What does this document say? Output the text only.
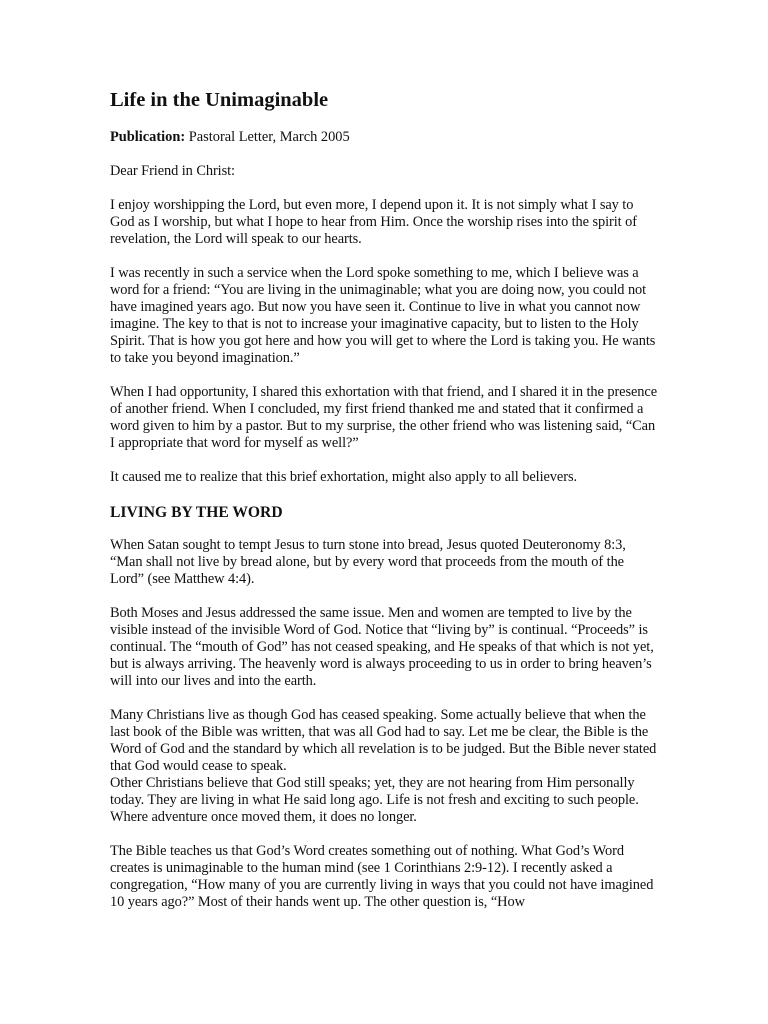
Life in the Unimaginable

Publication: Pastoral Letter, March 2005

Dear Friend in Christ:

I enjoy worshipping the Lord, but even more, I depend upon it. It is not simply what I say to God as I worship, but what I hope to hear from Him. Once the worship rises into the spirit of revelation, the Lord will speak to our hearts.

I was recently in such a service when the Lord spoke something to me, which I believe was a word for a friend: “You are living in the unimaginable; what you are doing now, you could not have imagined years ago. But now you have seen it. Continue to live in what you cannot now imagine. The key to that is not to increase your imaginative capacity, but to listen to the Holy Spirit. That is how you got here and how you will get to where the Lord is taking you. He wants to take you beyond imagination.”

When I had opportunity, I shared this exhortation with that friend, and I shared it in the presence of another friend. When I concluded, my first friend thanked me and stated that it confirmed a word given to him by a pastor. But to my surprise, the other friend who was listening said, “Can I appropriate that word for myself as well?”

It caused me to realize that this brief exhortation, might also apply to all believers.

LIVING BY THE WORD

When Satan sought to tempt Jesus to turn stone into bread, Jesus quoted Deuteronomy 8:3, “Man shall not live by bread alone, but by every word that proceeds from the mouth of the Lord” (see Matthew 4:4).

Both Moses and Jesus addressed the same issue. Men and women are tempted to live by the visible instead of the invisible Word of God. Notice that “living by” is continual. “Proceeds” is continual. The “mouth of God” has not ceased speaking, and He speaks of that which is not yet, but is always arriving. The heavenly word is always proceeding to us in order to bring heaven’s will into our lives and into the earth.

Many Christians live as though God has ceased speaking. Some actually believe that when the last book of the Bible was written, that was all God had to say. Let me be clear, the Bible is the Word of God and the standard by which all revelation is to be judged. But the Bible never stated that God would cease to speak.

Other Christians believe that God still speaks; yet, they are not hearing from Him personally today. They are living in what He said long ago. Life is not fresh and exciting to such people. Where adventure once moved them, it does no longer.

The Bible teaches us that God’s Word creates something out of nothing. What God’s Word creates is unimaginable to the human mind (see 1 Corinthians 2:9-12). I recently asked a congregation, “How many of you are currently living in ways that you could not have imagined 10 years ago?” Most of their hands went up. The other question is, “How
